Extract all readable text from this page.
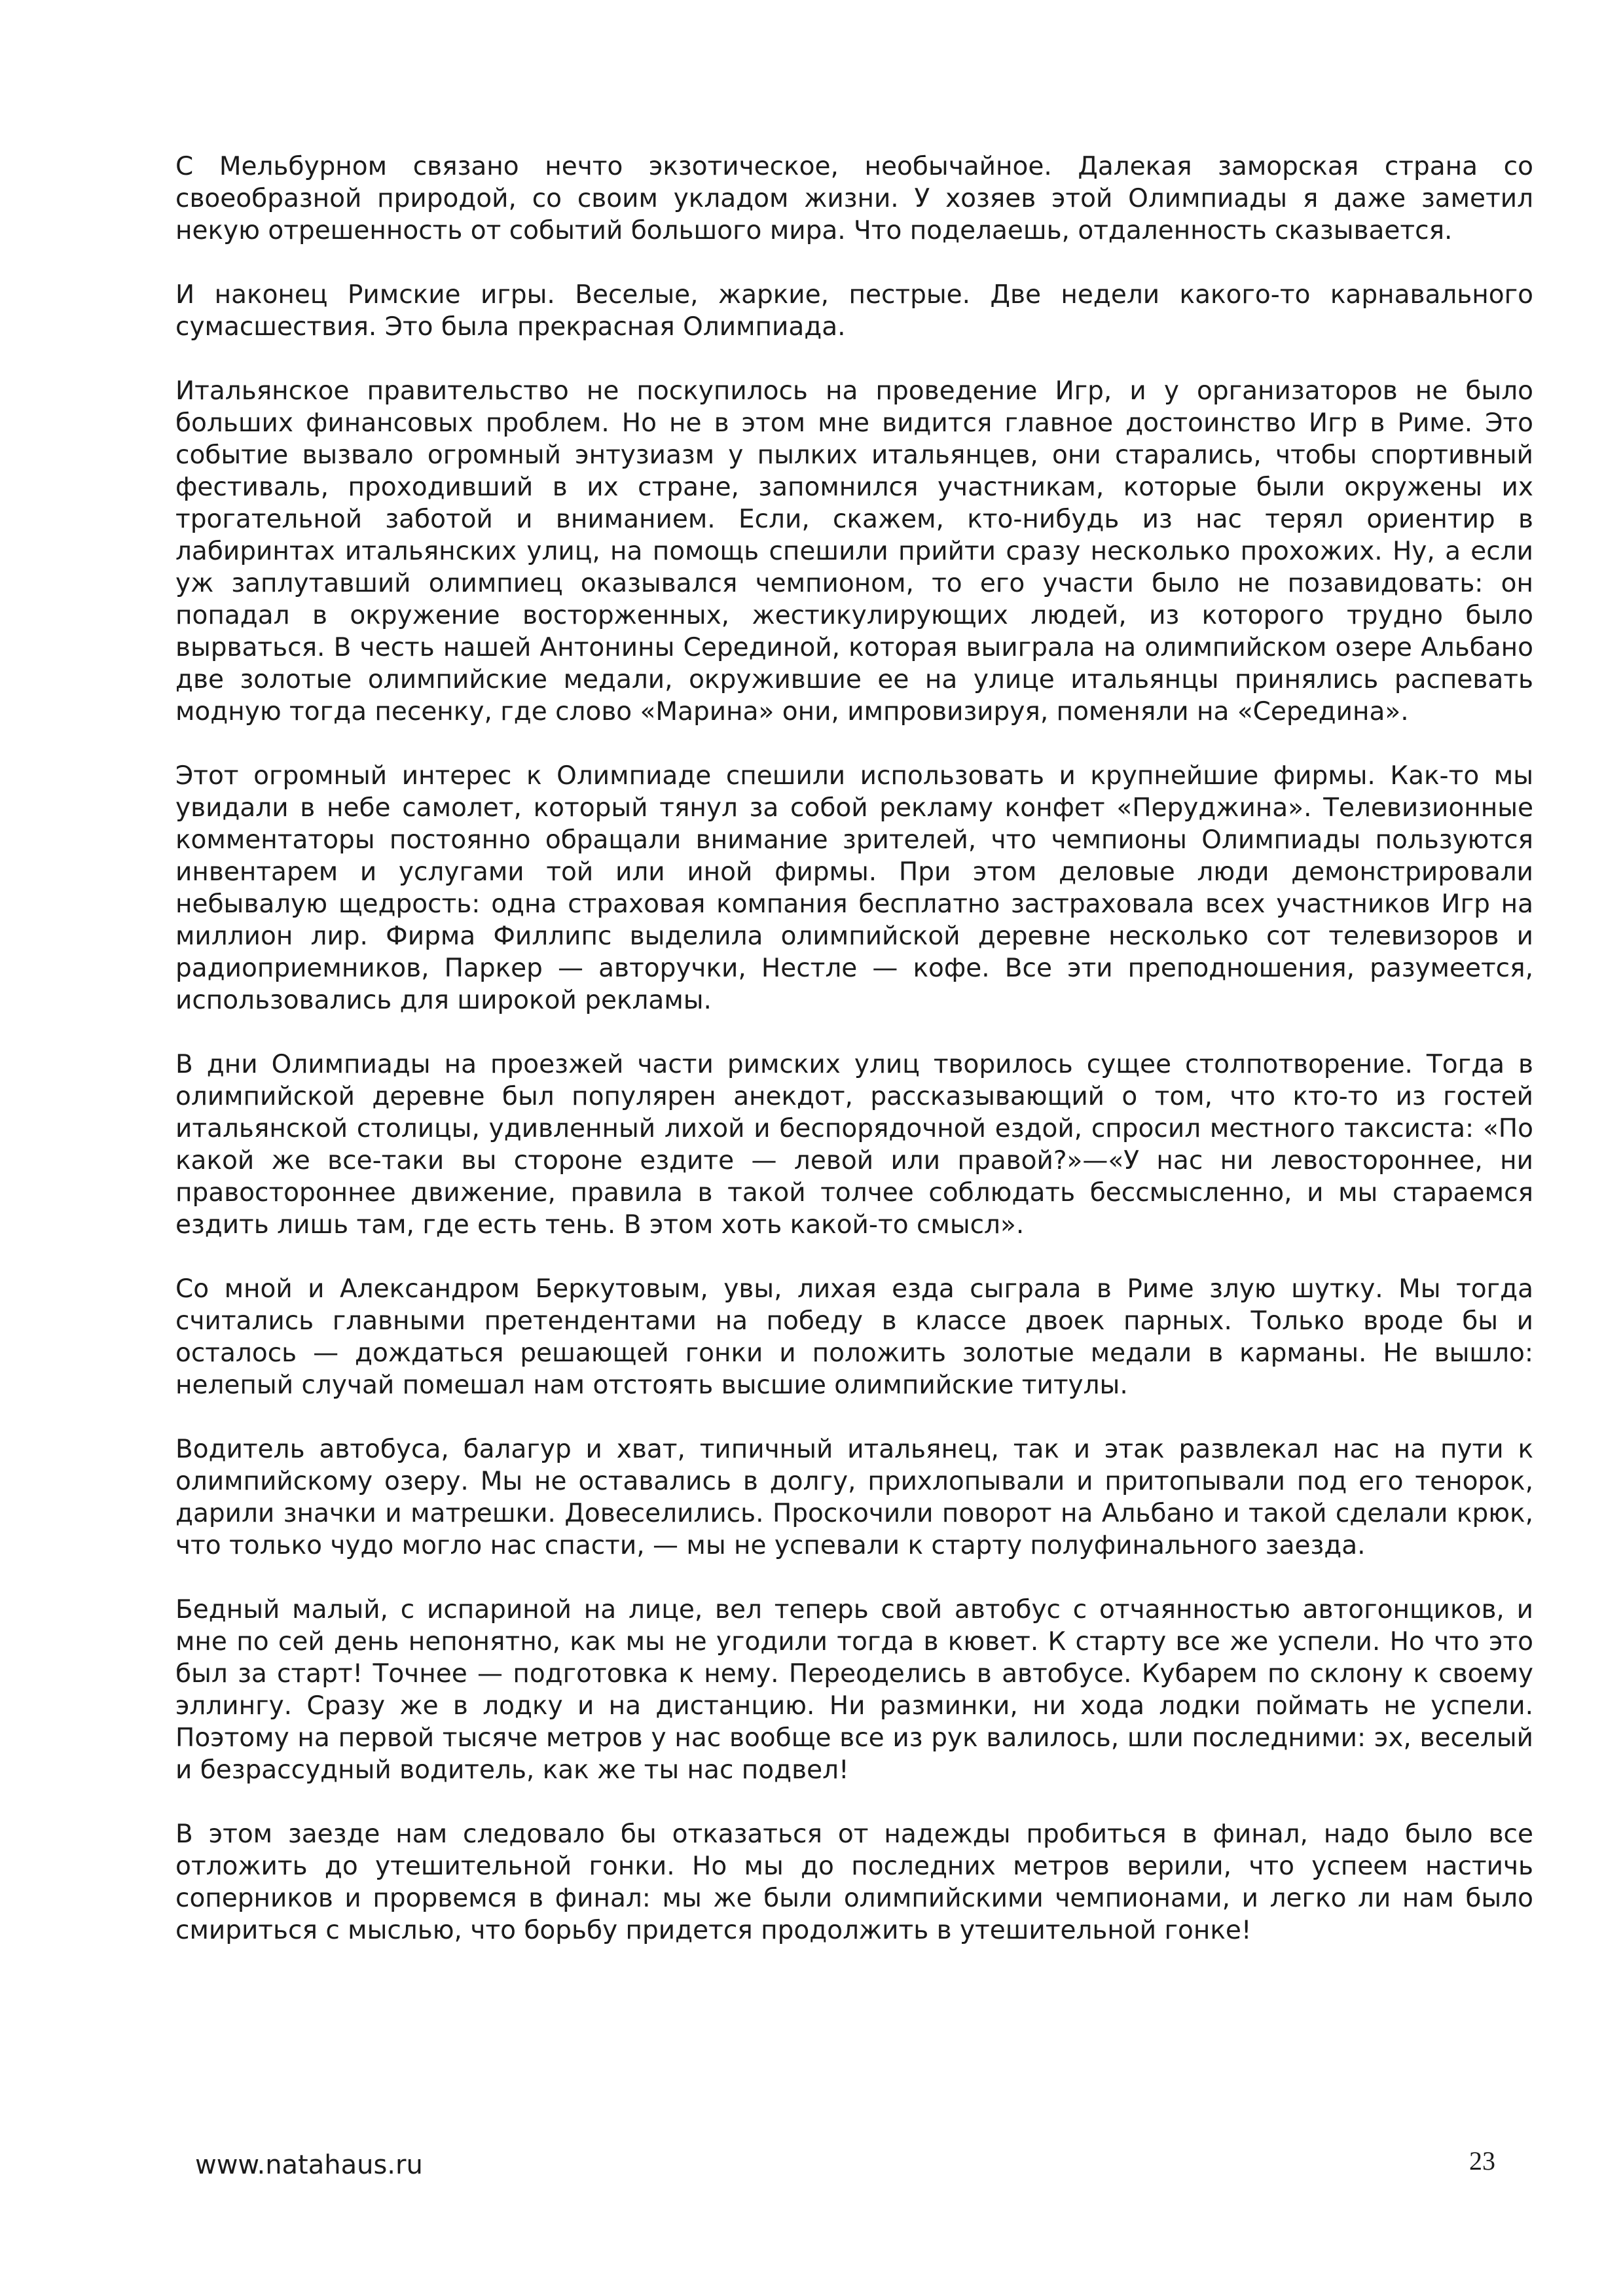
С Мельбурном связано нечто экзотическое, необычайное. Далекая заморская страна со своеобразной природой, со своим укладом жизни. У хозяев этой Олимпиады я даже заметил некую отрешенность от событий большого мира. Что поделаешь, отдаленность сказывается.

И наконец Римские игры. Веселые, жаркие, пестрые. Две недели какого-то карнавального сумасшествия. Это была прекрасная Олимпиада.

Итальянское правительство не поскупилось на проведение Игр, и у организаторов не было больших финансовых проблем. Но не в этом мне видится главное достоинство Игр в Риме. Это событие вызвало огромный энтузиазм у пылких итальянцев, они старались, чтобы спортивный фестиваль, проходивший в их стране, запомнился участникам, которые были окружены их трогательной заботой и вниманием. Если, скажем, кто-нибудь из нас терял ориентир в лабиринтах итальянских улиц, на помощь спешили прийти сразу несколько прохожих. Ну, а если уж заплутавший олимпиец оказывался чемпионом, то его участи было не позавидовать: он попадал в окружение восторженных, жестикулирующих людей, из которого трудно было вырваться. В честь нашей Антонины Серединой, которая выиграла на олимпийском озере Альбано две золотые олимпийские медали, окружившие ее на улице итальянцы принялись распевать модную тогда песенку, где слово «Марина» они, импровизируя, поменяли на «Середина».

Этот огромный интерес к Олимпиаде спешили использовать и крупнейшие фирмы. Как-то мы увидали в небе самолет, который тянул за собой рекламу конфет «Перуджина». Телевизионные комментаторы постоянно обращали внимание зрителей, что чемпионы Олимпиады пользуются инвентарем и услугами той или иной фирмы. При этом деловые люди демонстрировали небывалую щедрость: одна страховая компания бесплатно застраховала всех участников Игр на миллион лир. Фирма Филлипс выделила олимпийской деревне несколько сот телевизоров и радиоприемников, Паркер — авторучки, Нестле — кофе. Все эти преподношения, разумеется, использовались для широкой рекламы.

В дни Олимпиады на проезжей части римских улиц творилось сущее столпотворение. Тогда в олимпийской деревне был популярен анекдот, рассказывающий о том, что кто-то из гостей итальянской столицы, удивленный лихой и беспорядочной ездой, спросил местного таксиста: «По какой же все-таки вы стороне ездите — левой или правой?»—«У нас ни левостороннее, ни правостороннее движение, правила в такой толчее соблюдать бессмысленно, и мы стараемся ездить лишь там, где есть тень. В этом хоть какой-то смысл».

Со мной и Александром Беркутовым, увы, лихая езда сыграла в Риме злую шутку. Мы тогда считались главными претендентами на победу в классе двоек парных. Только вроде бы и осталось — дождаться решающей гонки и положить золотые медали в карманы. Не вышло: нелепый случай помешал нам отстоять высшие олимпийские титулы.

Водитель автобуса, балагур и хват, типичный итальянец, так и этак развлекал нас на пути к олимпийскому озеру. Мы не оставались в долгу, прихлопывали и притопывали под его тенорок, дарили значки и матрешки. Довеселились. Проскочили поворот на Альбано и такой сделали крюк, что только чудо могло нас спасти, — мы не успевали к старту полуфинального заезда.

Бедный малый, с испариной на лице, вел теперь свой автобус с отчаянностью автогонщиков, и мне по сей день непонятно, как мы не угодили тогда в кювет. К старту все же успели. Но что это был за старт! Точнее — подготовка к нему. Переоделись в автобусе. Кубарем по склону к своему эллингу. Сразу же в лодку и на дистанцию. Ни разминки, ни хода лодки поймать не успели. Поэтому на первой тысяче метров у нас вообще все из рук валилось, шли последними: эх, веселый и безрассудный водитель, как же ты нас подвел!

В этом заезде нам следовало бы отказаться от надежды пробиться в финал, надо было все отложить до утешительной гонки. Но мы до последних метров верили, что успеем настичь соперников и прорвемся в финал: мы же были олимпийскими чемпионами, и легко ли нам было смириться с мыслью, что борьбу придется продолжить в утешительной гонке!

www.natahaus.ru	23
